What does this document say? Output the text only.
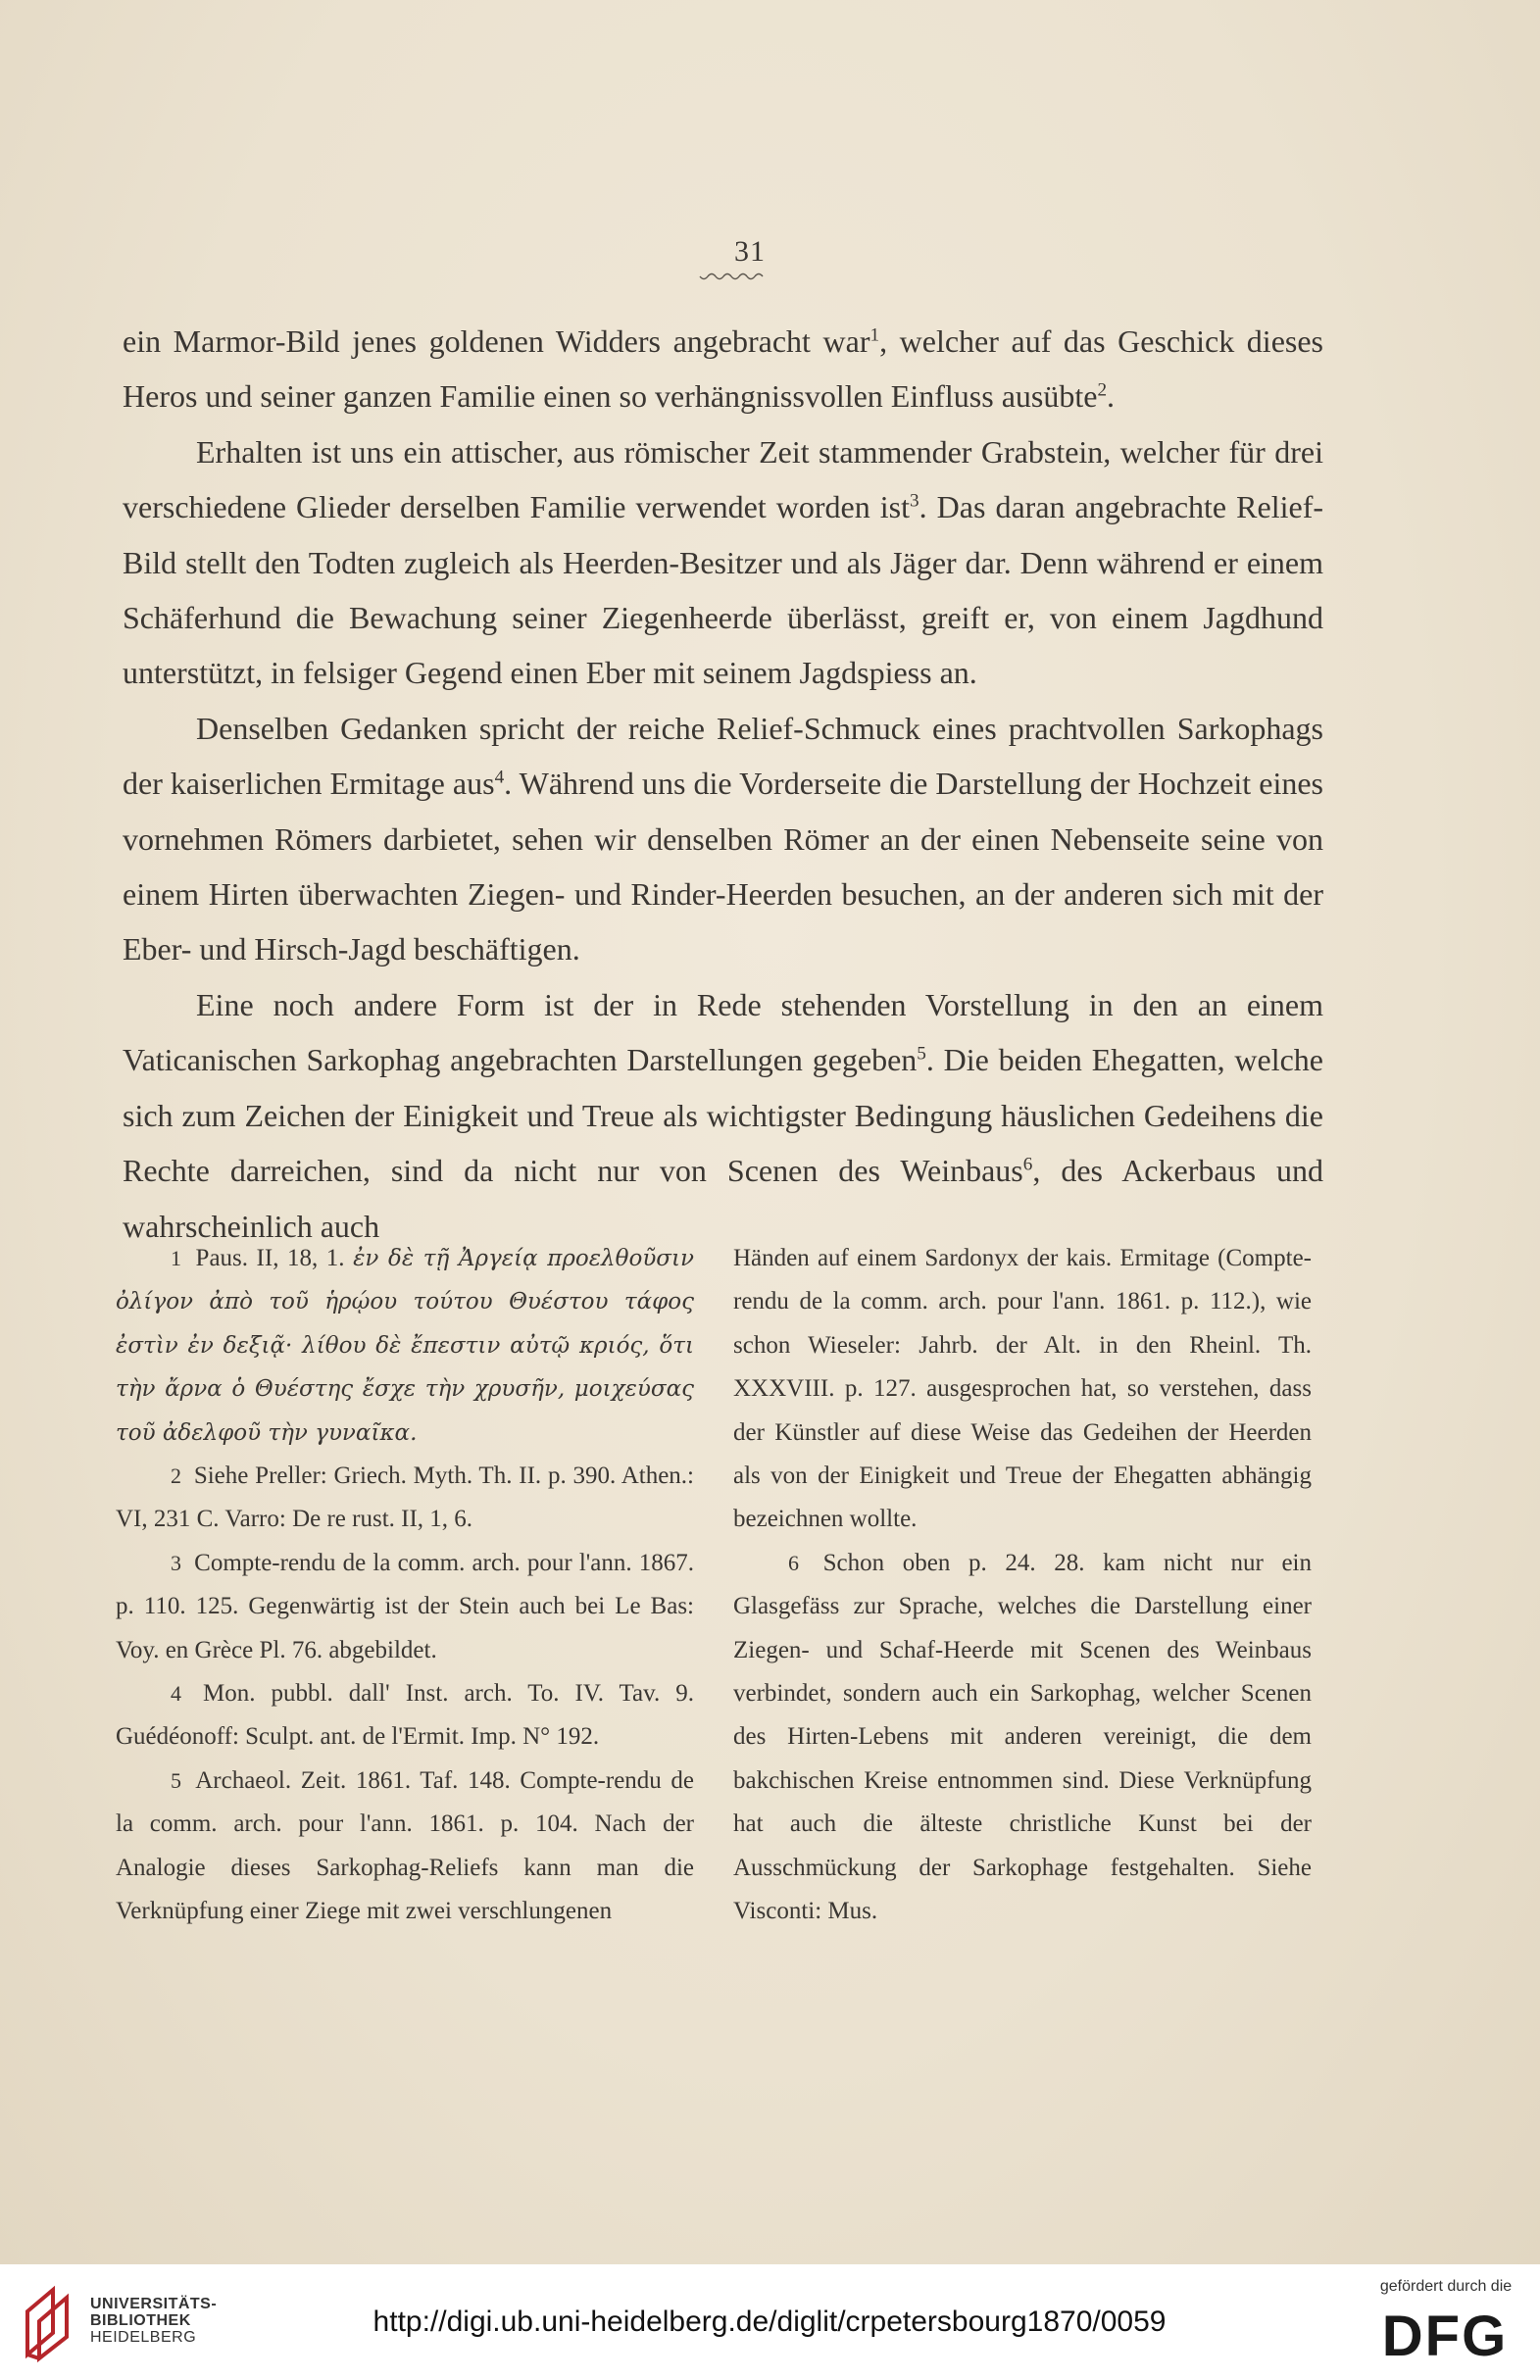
31

ein Marmor-Bild jenes goldenen Widders angebracht war$^1$, welcher auf das Geschick dieses Heros und seiner ganzen Familie einen so verhängnissvollen Einfluss ausübte$^2$.

Erhalten ist uns ein attischer, aus römischer Zeit stammender Grabstein, welcher für drei verschiedene Glieder derselben Familie verwendet worden ist$^3$. Das daran angebrachte Relief-Bild stellt den Todten zugleich als Heerden-Besitzer und als Jäger dar. Denn während er einem Schäferhund die Bewachung seiner Ziegenheerde überlässt, greift er, von einem Jagdhund unterstützt, in felsiger Gegend einen Eber mit seinem Jagdspiess an.

Denselben Gedanken spricht der reiche Relief-Schmuck eines prachtvollen Sarkophags der kaiserlichen Ermitage aus$^4$. Während uns die Vorderseite die Darstellung der Hochzeit eines vornehmen Römers darbietet, sehen wir denselben Römer an der einen Nebenseite seine von einem Hirten überwachten Ziegen- und Rinder-Heerden besuchen, an der anderen sich mit der Eber- und Hirsch-Jagd beschäftigen.

Eine noch andere Form ist der in Rede stehenden Vorstellung in den an einem Vaticanischen Sarkophag angebrachten Darstellungen gegeben$^5$. Die beiden Ehegatten, welche sich zum Zeichen der Einigkeit und Treue als wichtigster Bedingung häuslichen Gedeihens die Rechte darreichen, sind da nicht nur von Scenen des Weinbaus$^6$, des Ackerbaus und wahrscheinlich auch

1 Paus. II, 18, 1. ἐν δὲ τῇ Ἀργείᾳ προελθοῦσιν ὀλίγον ἀπὸ τοῦ ἡρῴου τούτου Θυέστου τάφος ἐστὶν ἐν δεξιᾷ· λίθου δὲ ἔπεστιν αὐτῷ κριός, ὅτι τὴν ἄρνα ὁ Θυέστης ἔσχε τὴν χρυσῆν, μοιχεύσας τοῦ ἀδελφοῦ τὴν γυναῖκα.

2 Siehe Preller: Griech. Myth. Th. II. p. 390. Athen.: VI, 231 C. Varro: De re rust. II, 1, 6.

3 Compte-rendu de la comm. arch. pour l'ann. 1867. p. 110. 125. Gegenwärtig ist der Stein auch bei Le Bas: Voy. en Grèce Pl. 76. abgebildet.

4 Mon. pubbl. dall' Inst. arch. To. IV. Tav. 9. Guédéonoff: Sculpt. ant. de l'Ermit. Imp. N° 192.

5 Archaeol. Zeit. 1861. Taf. 148. Compte-rendu de la comm. arch. pour l'ann. 1861. p. 104. Nach der Analogie dieses Sarkophag-Reliefs kann man die Verknüpfung einer Ziege mit zwei verschlungenen

Händen auf einem Sardonyx der kais. Ermitage (Compte-rendu de la comm. arch. pour l'ann. 1861. p. 112.), wie schon Wieseler: Jahrb. der Alt. in den Rheinl. Th. XXXVIII. p. 127. ausgesprochen hat, so verstehen, dass der Künstler auf diese Weise das Gedeihen der Heerden als von der Einigkeit und Treue der Ehegatten abhängig bezeichnen wollte.

6 Schon oben p. 24. 28. kam nicht nur ein Glasgefäss zur Sprache, welches die Darstellung einer Ziegen- und Schaf-Heerde mit Scenen des Weinbaus verbindet, sondern auch ein Sarkophag, welcher Scenen des Hirten-Lebens mit anderen vereinigt, die dem bakchischen Kreise entnommen sind. Diese Verknüpfung hat auch die älteste christliche Kunst bei der Ausschmückung der Sarkophage festgehalten. Siehe Visconti: Mus.

UNIVERSITÄTS-
BIBLIOTHEK
HEIDELBERG	http://digi.ub.uni-heidelberg.de/diglit/crpetersbourg1870/0059
gefördert durch die
DFG
